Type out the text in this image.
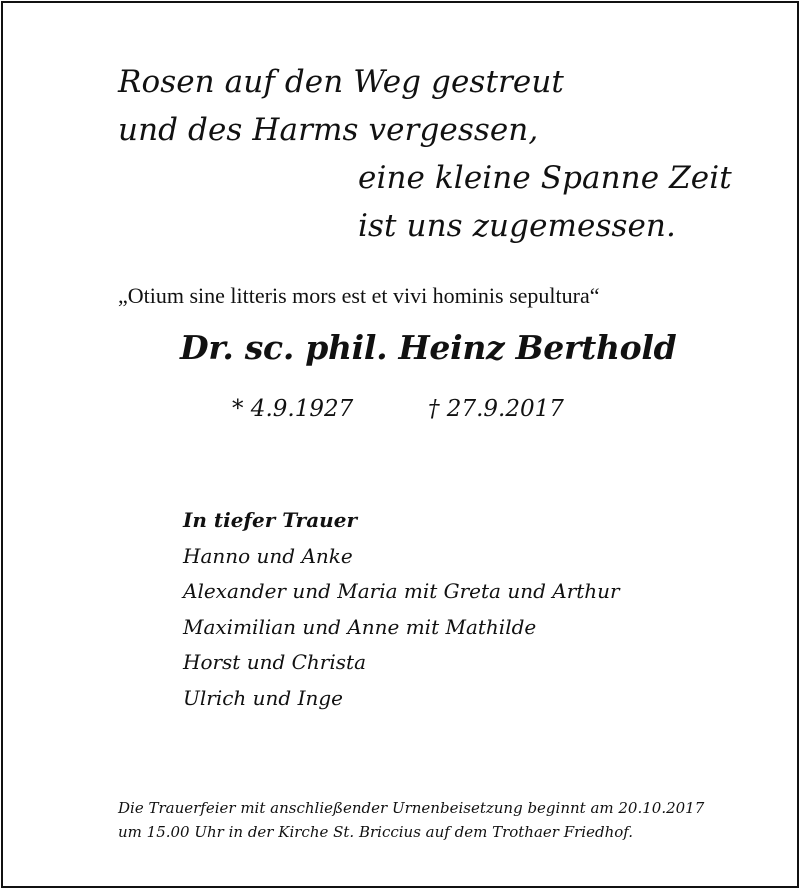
Rosen auf den Weg gestreut
und des Harms vergessen,
eine kleine Spanne Zeit
ist uns zugemessen.
„Otium sine litteris mors est et vivi hominis sepultura“
Dr. sc. phil. Heinz Berthold
* 4.9.1927	† 27.9.2017
In tiefer Trauer
Hanno und Anke
Alexander und Maria mit Greta und Arthur
Maximilian und Anne mit Mathilde
Horst und Christa
Ulrich und Inge
Die Trauerfeier mit anschließender Urnenbeisetzung beginnt am 20.10.2017
um 15.00 Uhr in der Kirche St. Briccius auf dem Trothaer Friedhof.
